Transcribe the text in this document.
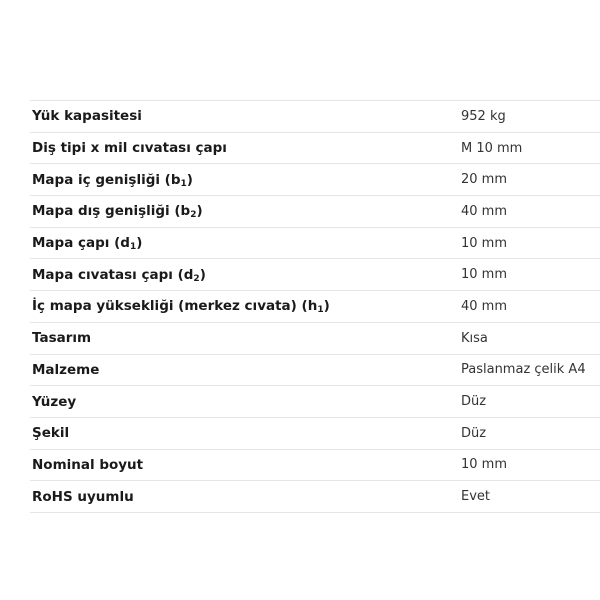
Yük kapasitesi	952 kg
Diş tipi x mil cıvatası çapı	M 10 mm
Mapa iç genişliği $(b_1)$	20 mm
Mapa dış genişliği $(b_2)$	40 mm
Mapa çapı $(d_1)$	10 mm
Mapa cıvatası çapı $(d_2)$	10 mm
İç mapa yüksekliği (merkez cıvata) $(h_1)$	40 mm
Tasarım	Kısa
Malzeme	Paslanmaz çelik A4
Yüzey	Düz
Şekil	Düz
Nominal boyut	10 mm
RoHS uyumlu	Evet
